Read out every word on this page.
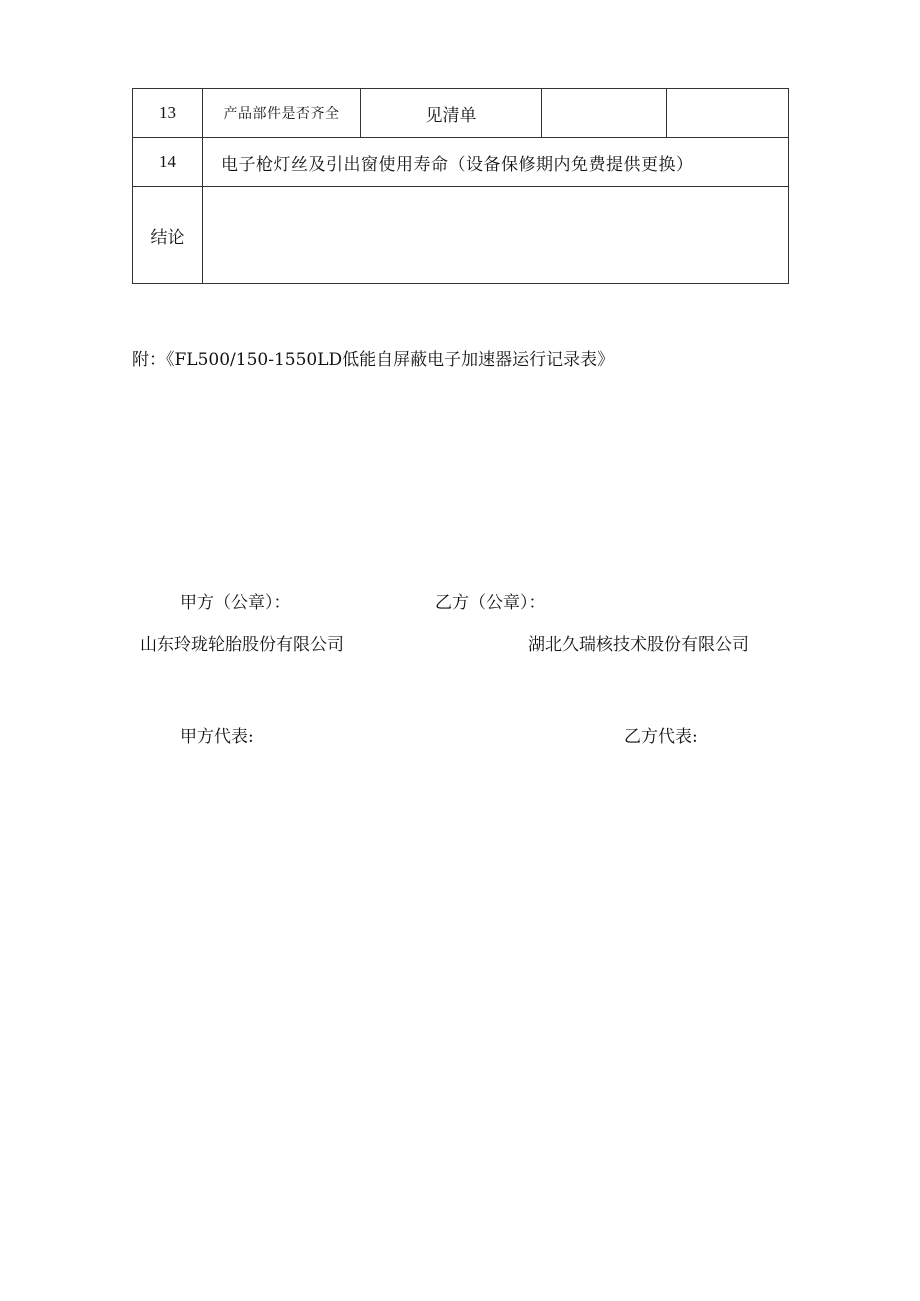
13	产品部件是否齐全	见清单		
14	电子枪灯丝及引出窗使用寿命（设备保修期内免费提供更换）			
结论				
附：《FL500/150-1550LD低能自屏蔽电子加速器运行记录表》
甲方（公章）：	乙方（公章）：
山东玲珑轮胎股份有限公司	湖北久瑞核技术股份有限公司
甲方代表:	乙方代表:
